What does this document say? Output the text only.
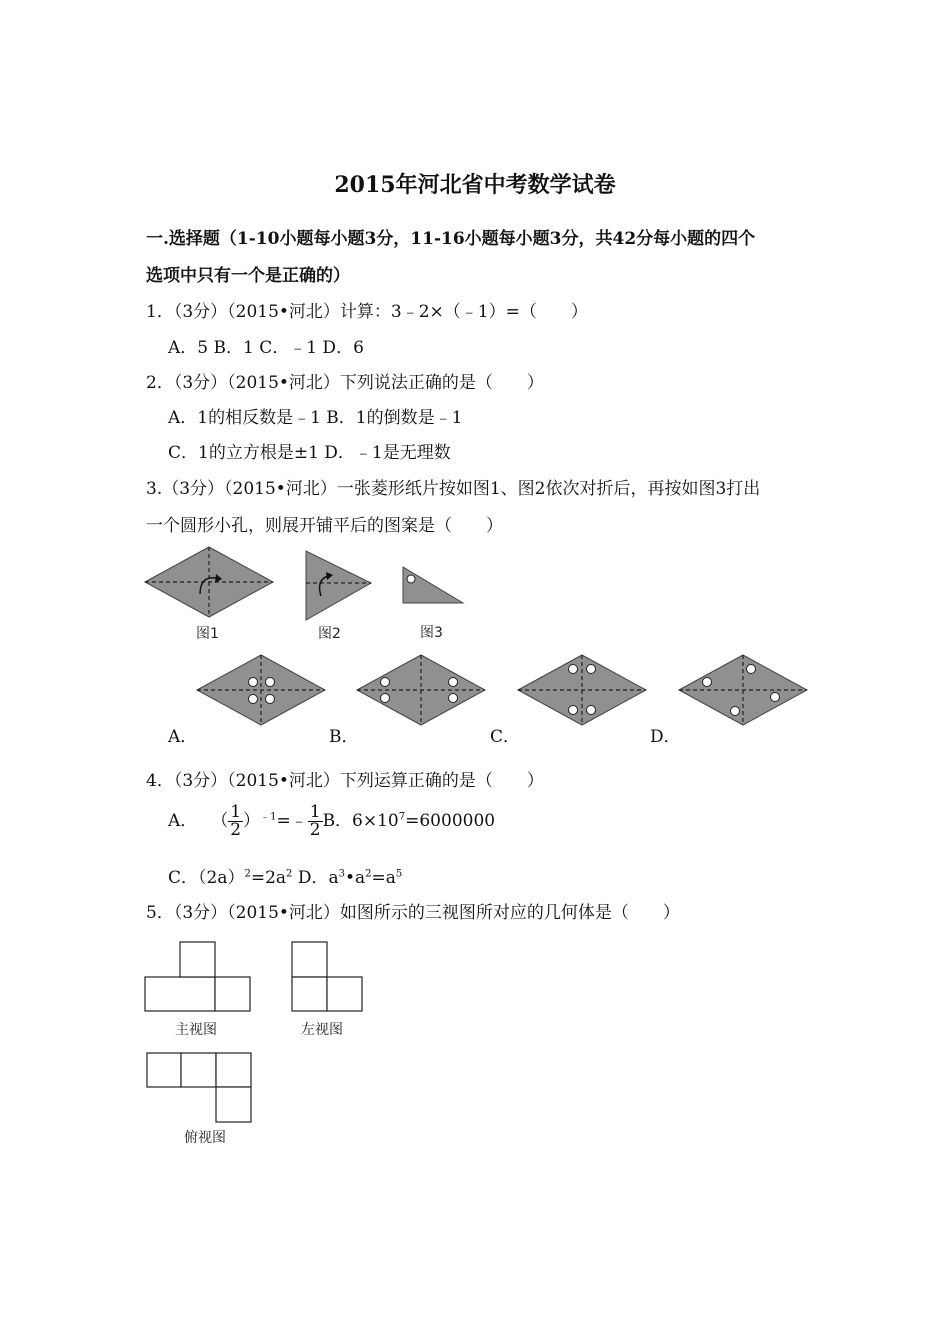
2015年河北省中考数学试卷
一.选择题（1-10小题每小题3分，11-16小题每小题3分，共42分每小题的四个
选项中只有一个是正确的）
1．（3分）（2015•河北）计算：3﹣2×（﹣1）=（　　）
A．5 B．1 C．﹣1 D．6
2．（3分）（2015•河北）下列说法正确的是（　　）
A．1的相反数是﹣1 B．1的倒数是﹣1
C．1的立方根是±1 D．﹣1是无理数
3.（3分）（2015•河北）一张菱形纸片按如图1、图2依次对折后，再按如图3打出
一个圆形小孔，则展开铺平后的图案是（　　）
图1	图2	图3
主视图	左视图
俯视图
A．	B．	C．	D．
4．（3分）（2015•河北）下列运算正确的是（　　）
A． （ $\frac{1}{2}$ ）$^{﹣1}$=﹣ $\frac{1}{2}$ B．$6\times 10^7=6000000$
C．$(2a)^2=2a^2$ D．$a^3•a^2=a^5$
5．（3分）（2015•河北）如图所示的三视图所对应的几何体是（　　）
